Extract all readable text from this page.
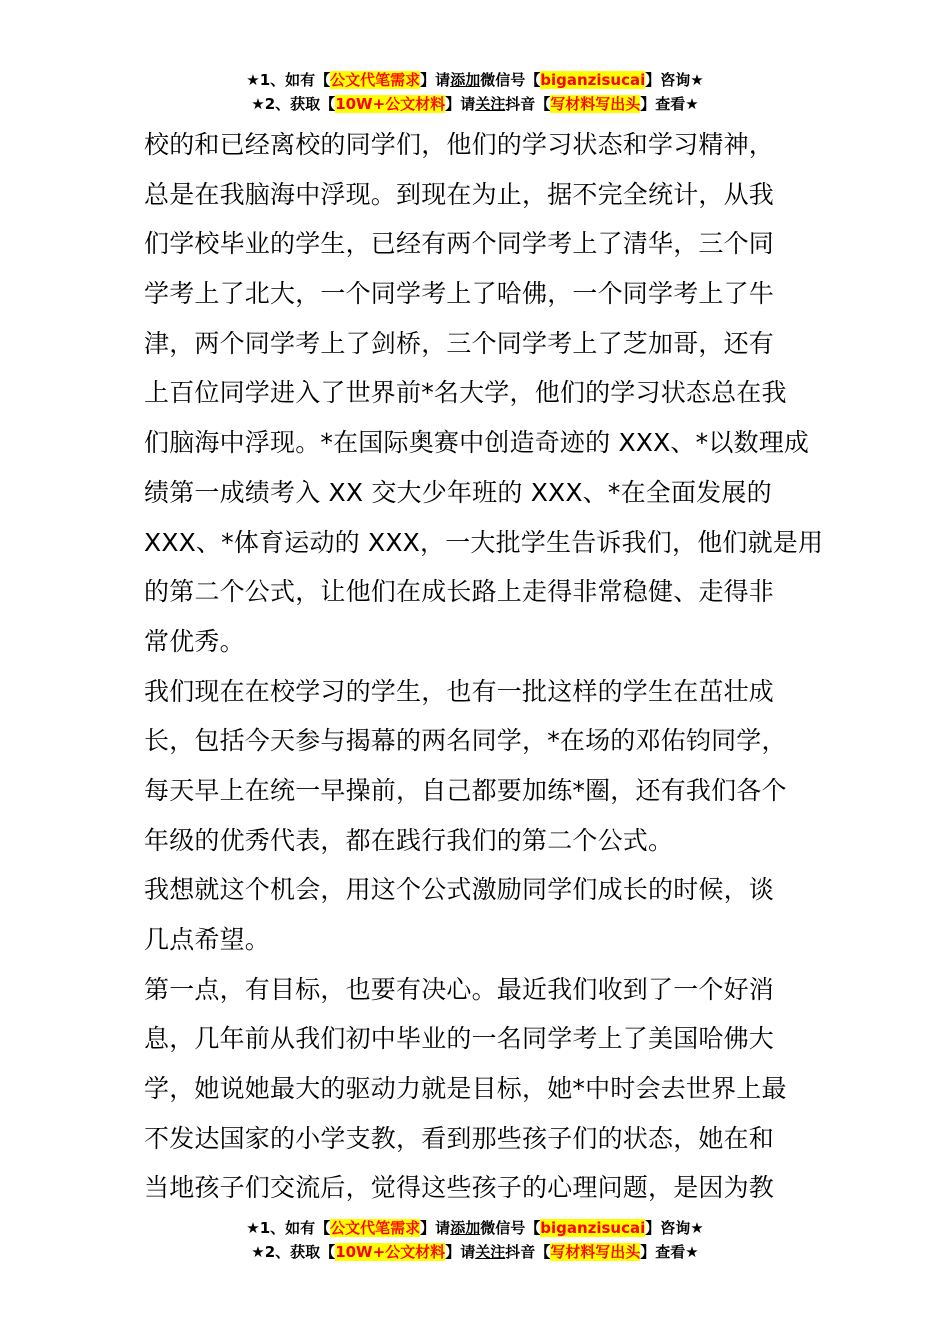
★1、如有【公文代笔需求】请添加微信号【biganzisucai】咨询★
★2、获取【10W+公文材料】请关注抖音【写材料写出头】查看★
校的和已经离校的同学们，他们的学习状态和学习精神，
总是在我脑海中浮现。到现在为止，据不完全统计，从我
们学校毕业的学生，已经有两个同学考上了清华，三个同
学考上了北大，一个同学考上了哈佛，一个同学考上了牛
津，两个同学考上了剑桥，三个同学考上了芝加哥，还有
上百位同学进入了世界前*名大学，他们的学习状态总在我
们脑海中浮现。*在国际奥赛中创造奇迹的 XXX、*以数理成
绩第一成绩考入 XX 交大少年班的 XXX、*在全面发展的
XXX、*体育运动的 XXX，一大批学生告诉我们，他们就是用
的第二个公式，让他们在成长路上走得非常稳健、走得非
常优秀。
我们现在在校学习的学生，也有一批这样的学生在茁壮成
长，包括今天参与揭幕的两名同学，*在场的邓佑钧同学，
每天早上在统一早操前，自己都要加练*圈，还有我们各个
年级的优秀代表，都在践行我们的第二个公式。
我想就这个机会，用这个公式激励同学们成长的时候，谈
几点希望。
第一点，有目标，也要有决心。最近我们收到了一个好消
息，几年前从我们初中毕业的一名同学考上了美国哈佛大
学，她说她最大的驱动力就是目标，她*中时会去世界上最
不发达国家的小学支教，看到那些孩子们的状态，她在和
当地孩子们交流后，觉得这些孩子的心理问题，是因为教
★1、如有【公文代笔需求】请添加微信号【biganzisucai】咨询★
★2、获取【10W+公文材料】请关注抖音【写材料写出头】查看★
